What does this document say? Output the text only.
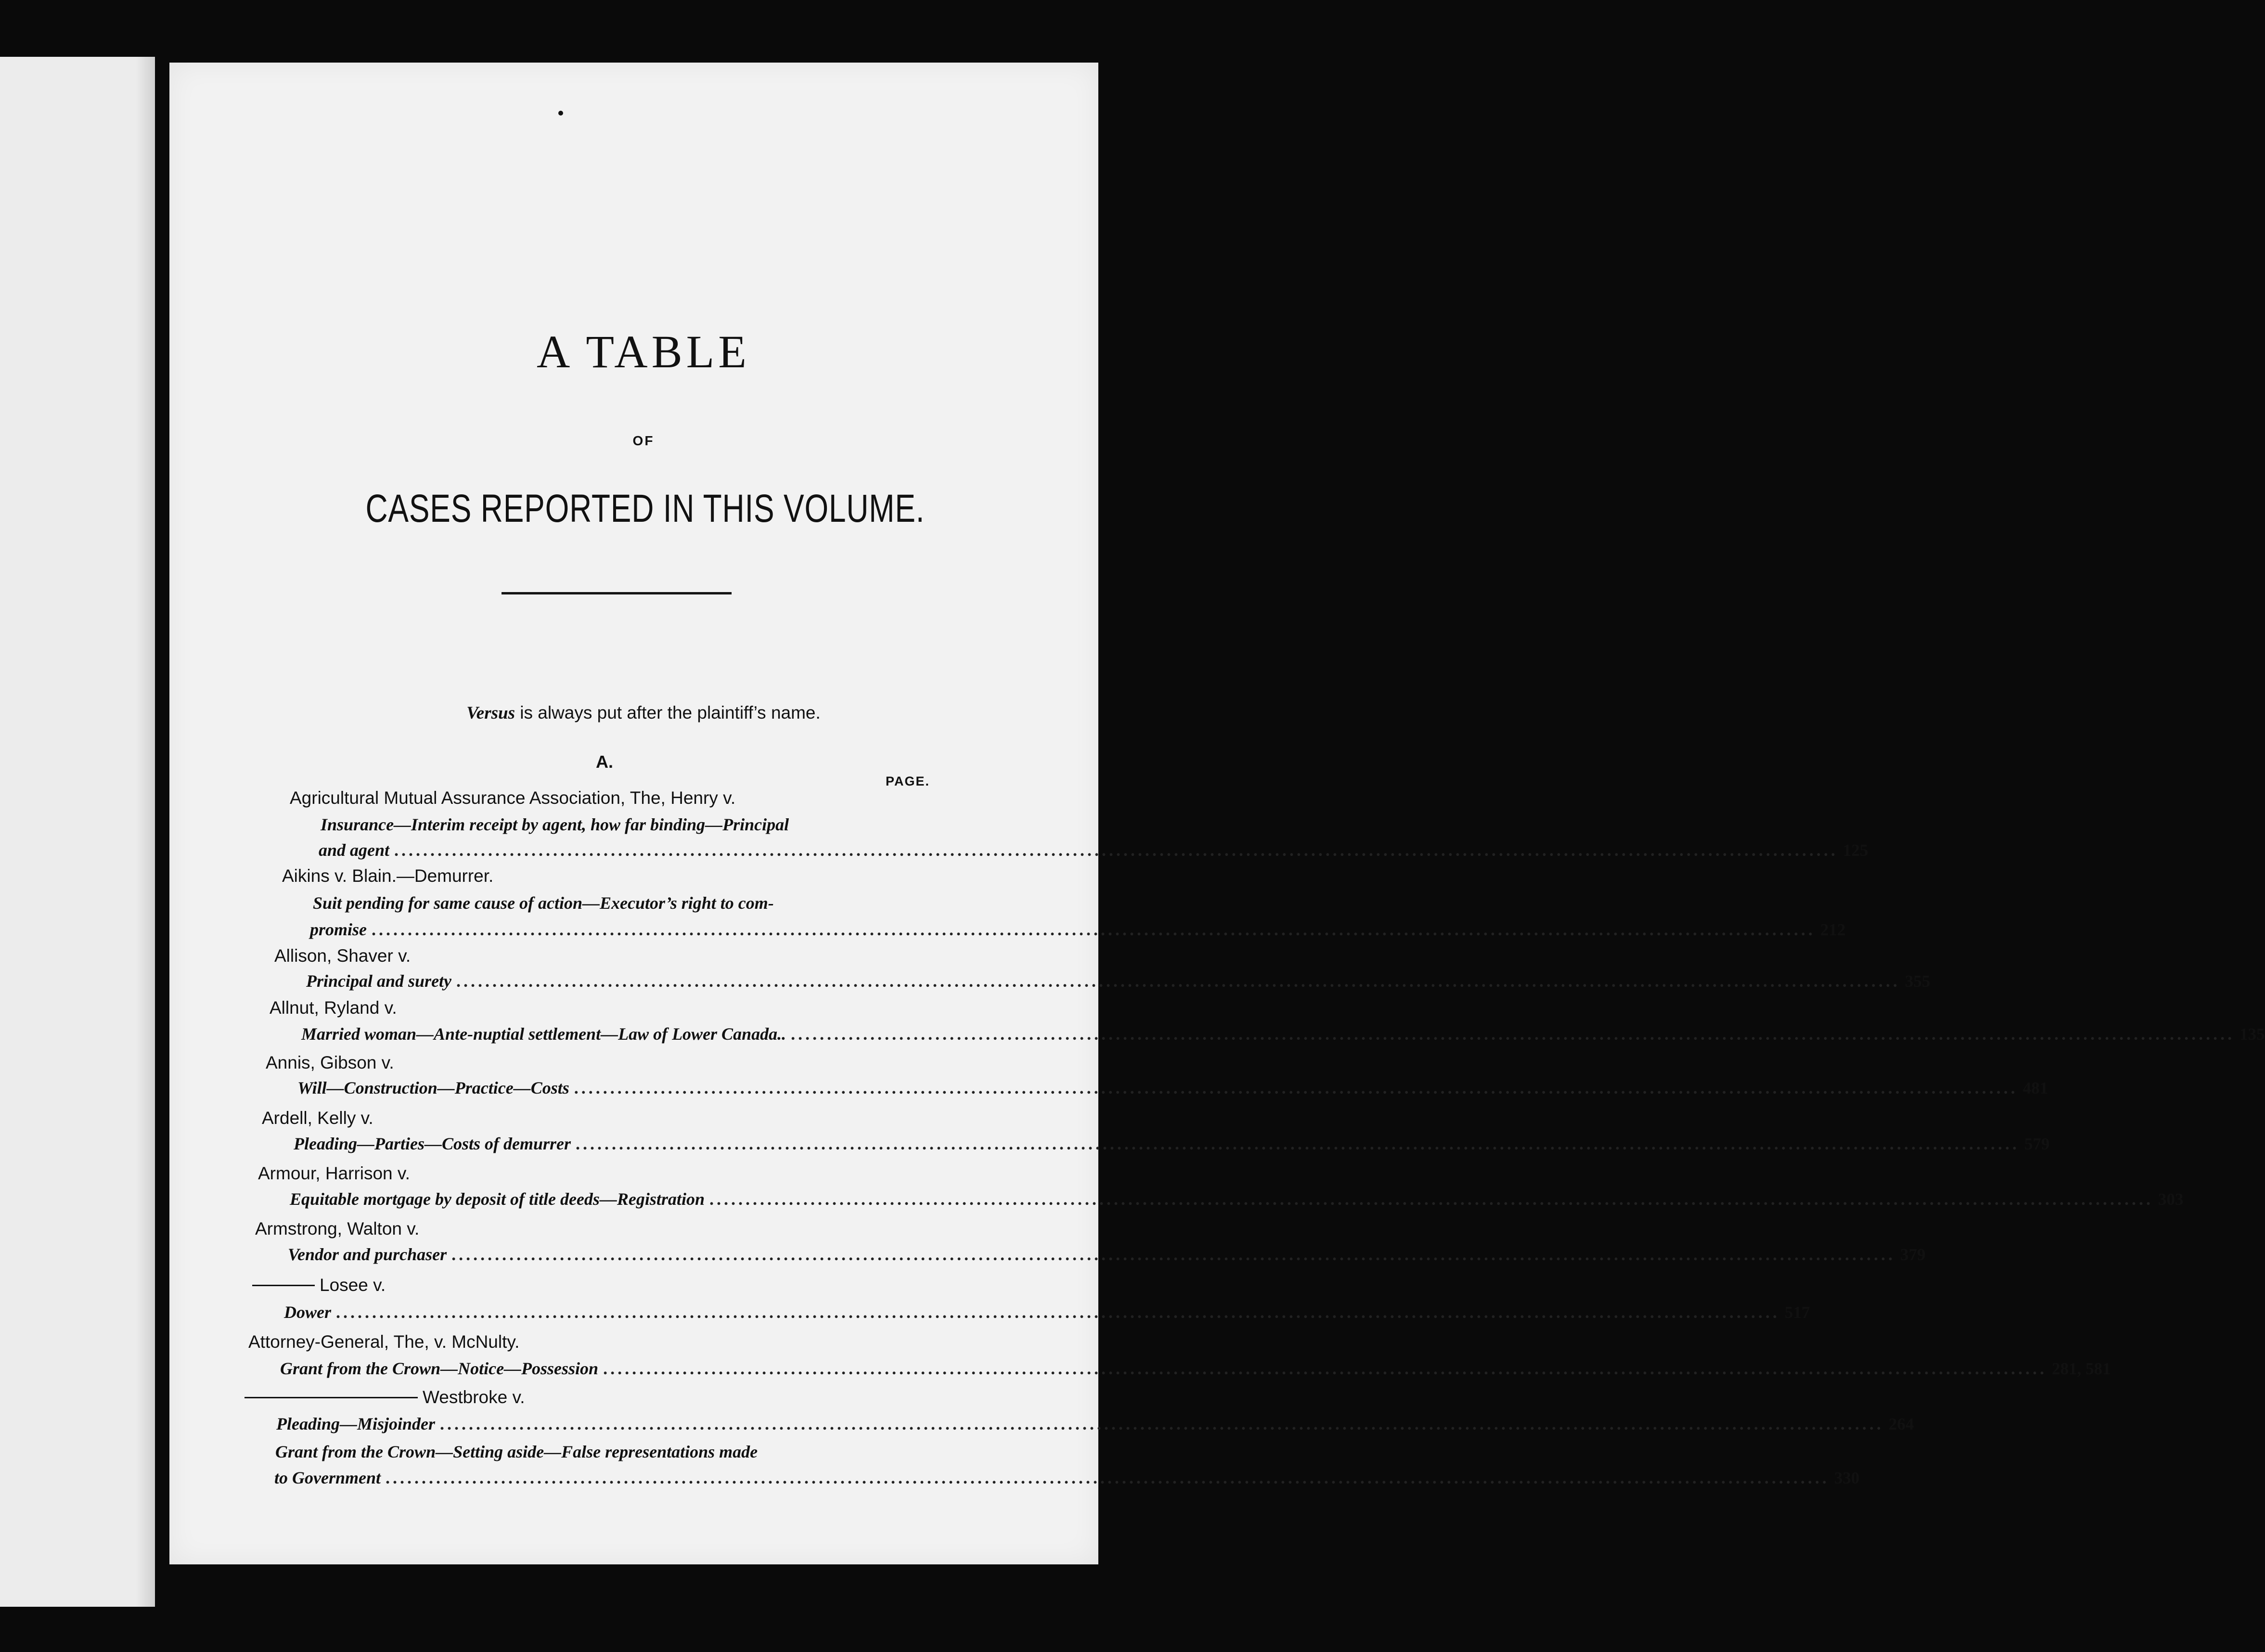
A TABLE
OF
CASES REPORTED IN THIS VOLUME.
Versus is always put after the plaintiff’s name.
A.
PAGE.
Agricultural Mutual Assurance Association, The, Henry v.
Insurance—Interim receipt by agent, how far binding—Principal
and agent ........................................................................................................................................................................................................ 125
Aikins v. Blain.—Demurrer.
Suit pending for same cause of action—Executor’s right to com-
promise ........................................................................................................................................................................................................ 212
Allison, Shaver v.
Principal and surety ........................................................................................................................................................................................................ 355
Allnut, Ryland v.
Married woman—Ante-nuptial settlement—Law of Lower Canada.. ........................................................................................................................................................................................................ 135
Annis, Gibson v.
Will—Construction—Practice—Costs ........................................................................................................................................................................................................ 481
Ardell, Kelly v.
Pleading—Parties—Costs of demurrer ........................................................................................................................................................................................................ 579
Armour, Harrison v.
Equitable mortgage by deposit of title deeds—Registration ........................................................................................................................................................................................................ 303
Armstrong, Walton v.
Vendor and purchaser ........................................................................................................................................................................................................ 379
Losee v.
Dower ........................................................................................................................................................................................................ 517
Attorney-General, The, v. McNulty.
Grant from the Crown—Notice—Possession ........................................................................................................................................................................................................ 281, 581
Westbroke v.
Pleading—Misjoinder ........................................................................................................................................................................................................ 264
Grant from the Crown—Setting aside—False representations made
to Government ........................................................................................................................................................................................................ 330
